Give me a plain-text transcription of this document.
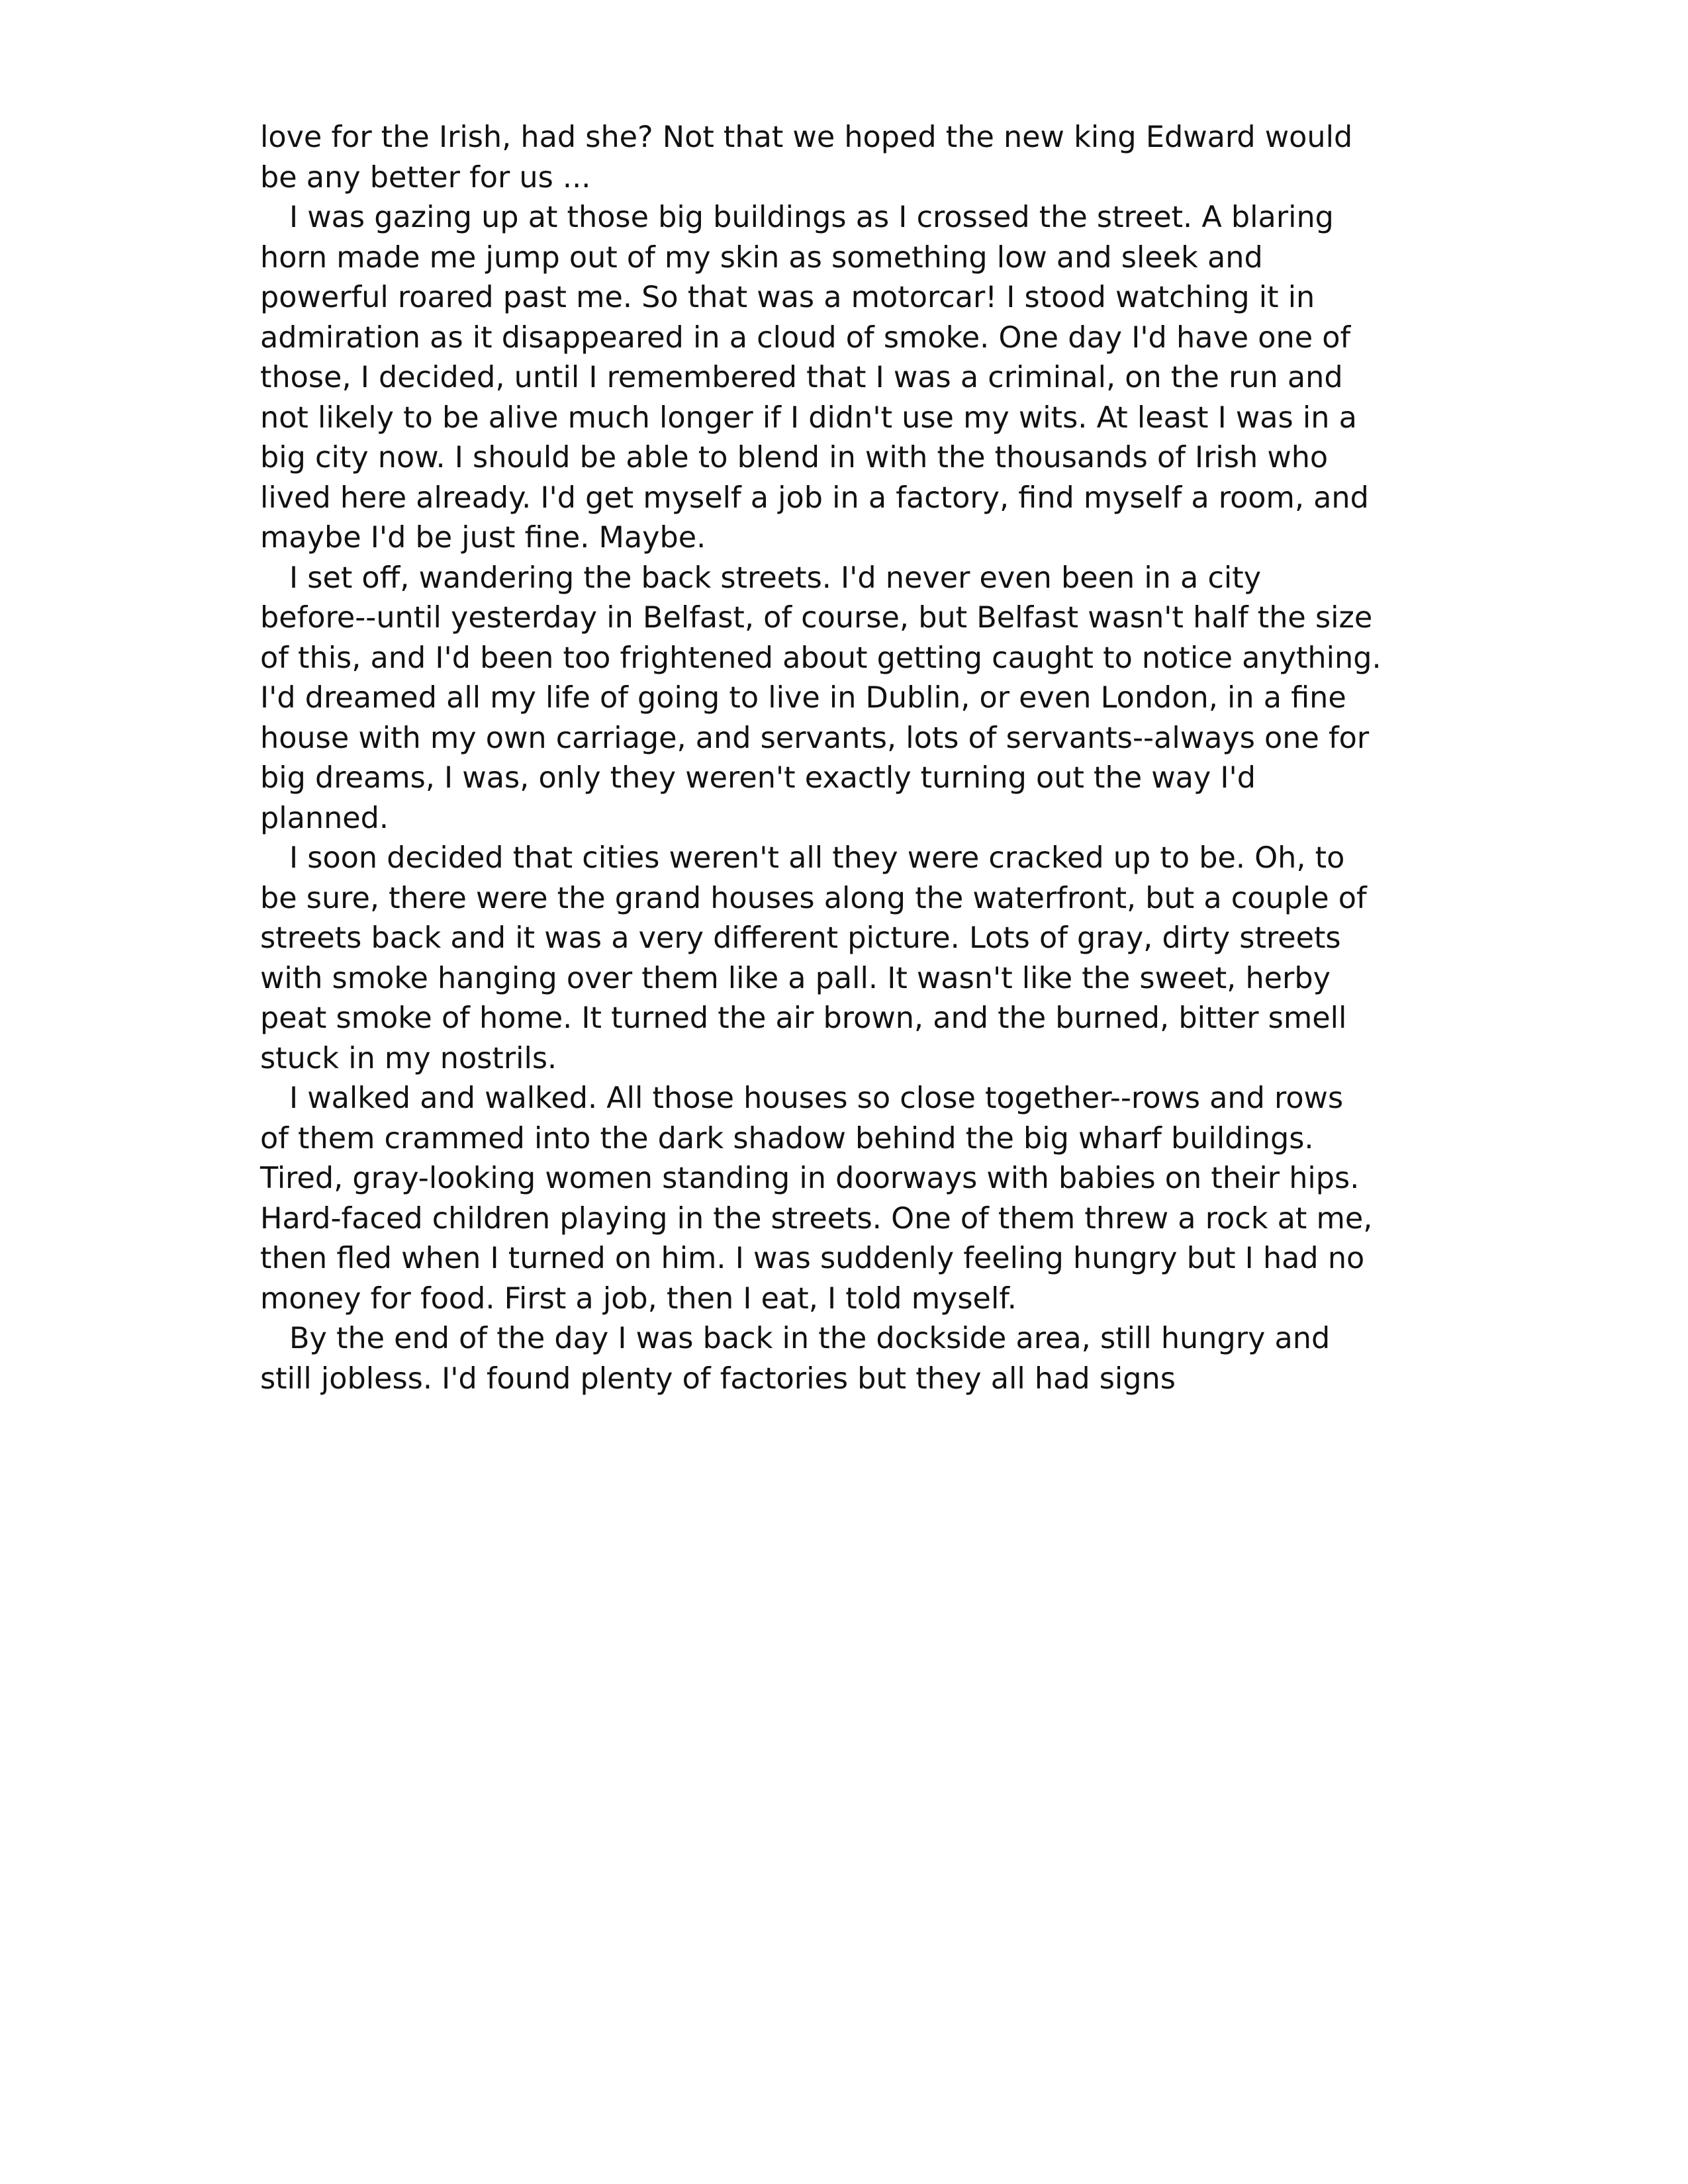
love for the Irish, had she? Not that we hoped the new king Edward would

be any better for us ...

I was gazing up at those big buildings as I crossed the street. A blaring

horn made me jump out of my skin as something low and sleek and

powerful roared past me. So that was a motorcar! I stood watching it in

admiration as it disappeared in a cloud of smoke. One day I'd have one of

those, I decided, until I remembered that I was a criminal, on the run and

not likely to be alive much longer if I didn't use my wits. At least I was in a

big city now. I should be able to blend in with the thousands of Irish who

lived here already. I'd get myself a job in a factory, find myself a room, and

maybe I'd be just fine. Maybe.

I set off, wandering the back streets. I'd never even been in a city

before--until yesterday in Belfast, of course, but Belfast wasn't half the size

of this, and I'd been too frightened about getting caught to notice anything.

I'd dreamed all my life of going to live in Dublin, or even London, in a fine

house with my own carriage, and servants, lots of servants--always one for

big dreams, I was, only they weren't exactly turning out the way I'd

planned.

I soon decided that cities weren't all they were cracked up to be. Oh, to

be sure, there were the grand houses along the waterfront, but a couple of

streets back and it was a very different picture. Lots of gray, dirty streets

with smoke hanging over them like a pall. It wasn't like the sweet, herby

peat smoke of home. It turned the air brown, and the burned, bitter smell

stuck in my nostrils.

I walked and walked. All those houses so close together--rows and rows

of them crammed into the dark shadow behind the big wharf buildings.

Tired, gray-looking women standing in doorways with babies on their hips.

Hard-faced children playing in the streets. One of them threw a rock at me,

then fled when I turned on him. I was suddenly feeling hungry but I had no

money for food. First a job, then I eat, I told myself.

By the end of the day I was back in the dockside area, still hungry and

still jobless. I'd found plenty of factories but they all had signs
